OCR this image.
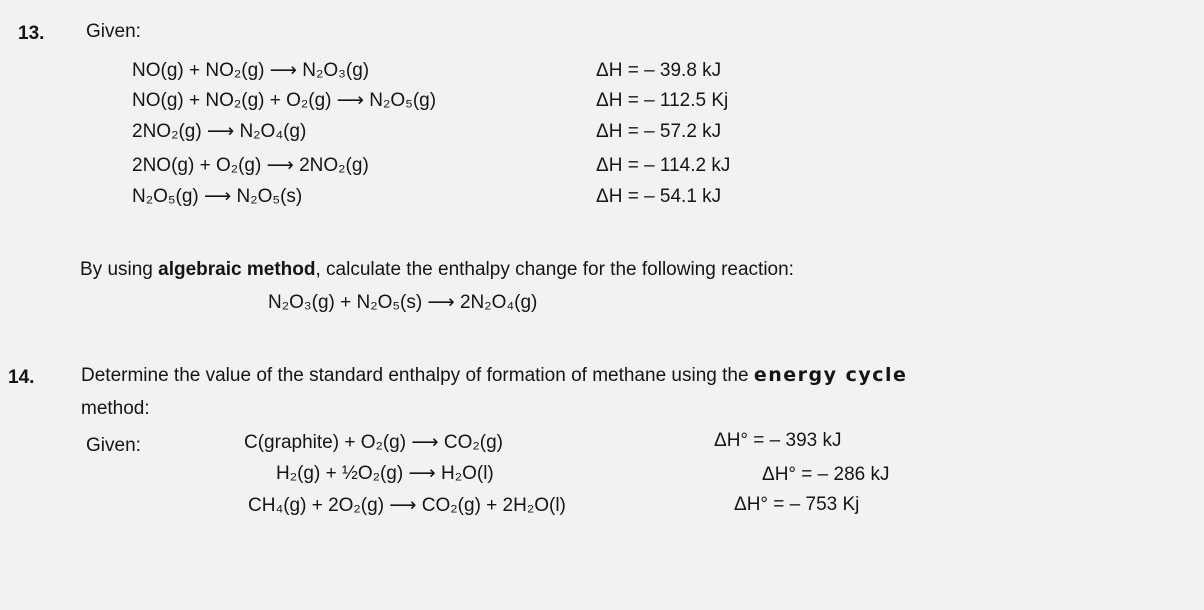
13. Given:
NO(g) + NO₂(g) ⟶ N₂O₃(g)	ΔH = – 39.8 kJ
NO(g) + NO₂(g) + O₂(g) ⟶ N₂O₅(g)	ΔH = – 112.5 Kj
2NO₂(g) ⟶ N₂O₄(g)	ΔH = – 57.2 kJ
2NO(g) + O₂(g) ⟶ 2NO₂(g)	ΔH = – 114.2 kJ
N₂O₅(g) ⟶ N₂O₅(s)	ΔH = – 54.1 kJ
By using algebraic method, calculate the enthalpy change for the following reaction:
N₂O₃(g) + N₂O₅(s) ⟶ 2N₂O₄(g)
14. Determine the value of the standard enthalpy of formation of methane using the energy cycle
method:
Given:	C(graphite) + O₂(g) ⟶ CO₂(g)	ΔH° = – 393 kJ
H₂(g) + ½O₂(g) ⟶ H₂O(l)	ΔH° = – 286 kJ
CH₄(g) + 2O₂(g) ⟶ CO₂(g) + 2H₂O(l)	ΔH° = – 753 Kj
